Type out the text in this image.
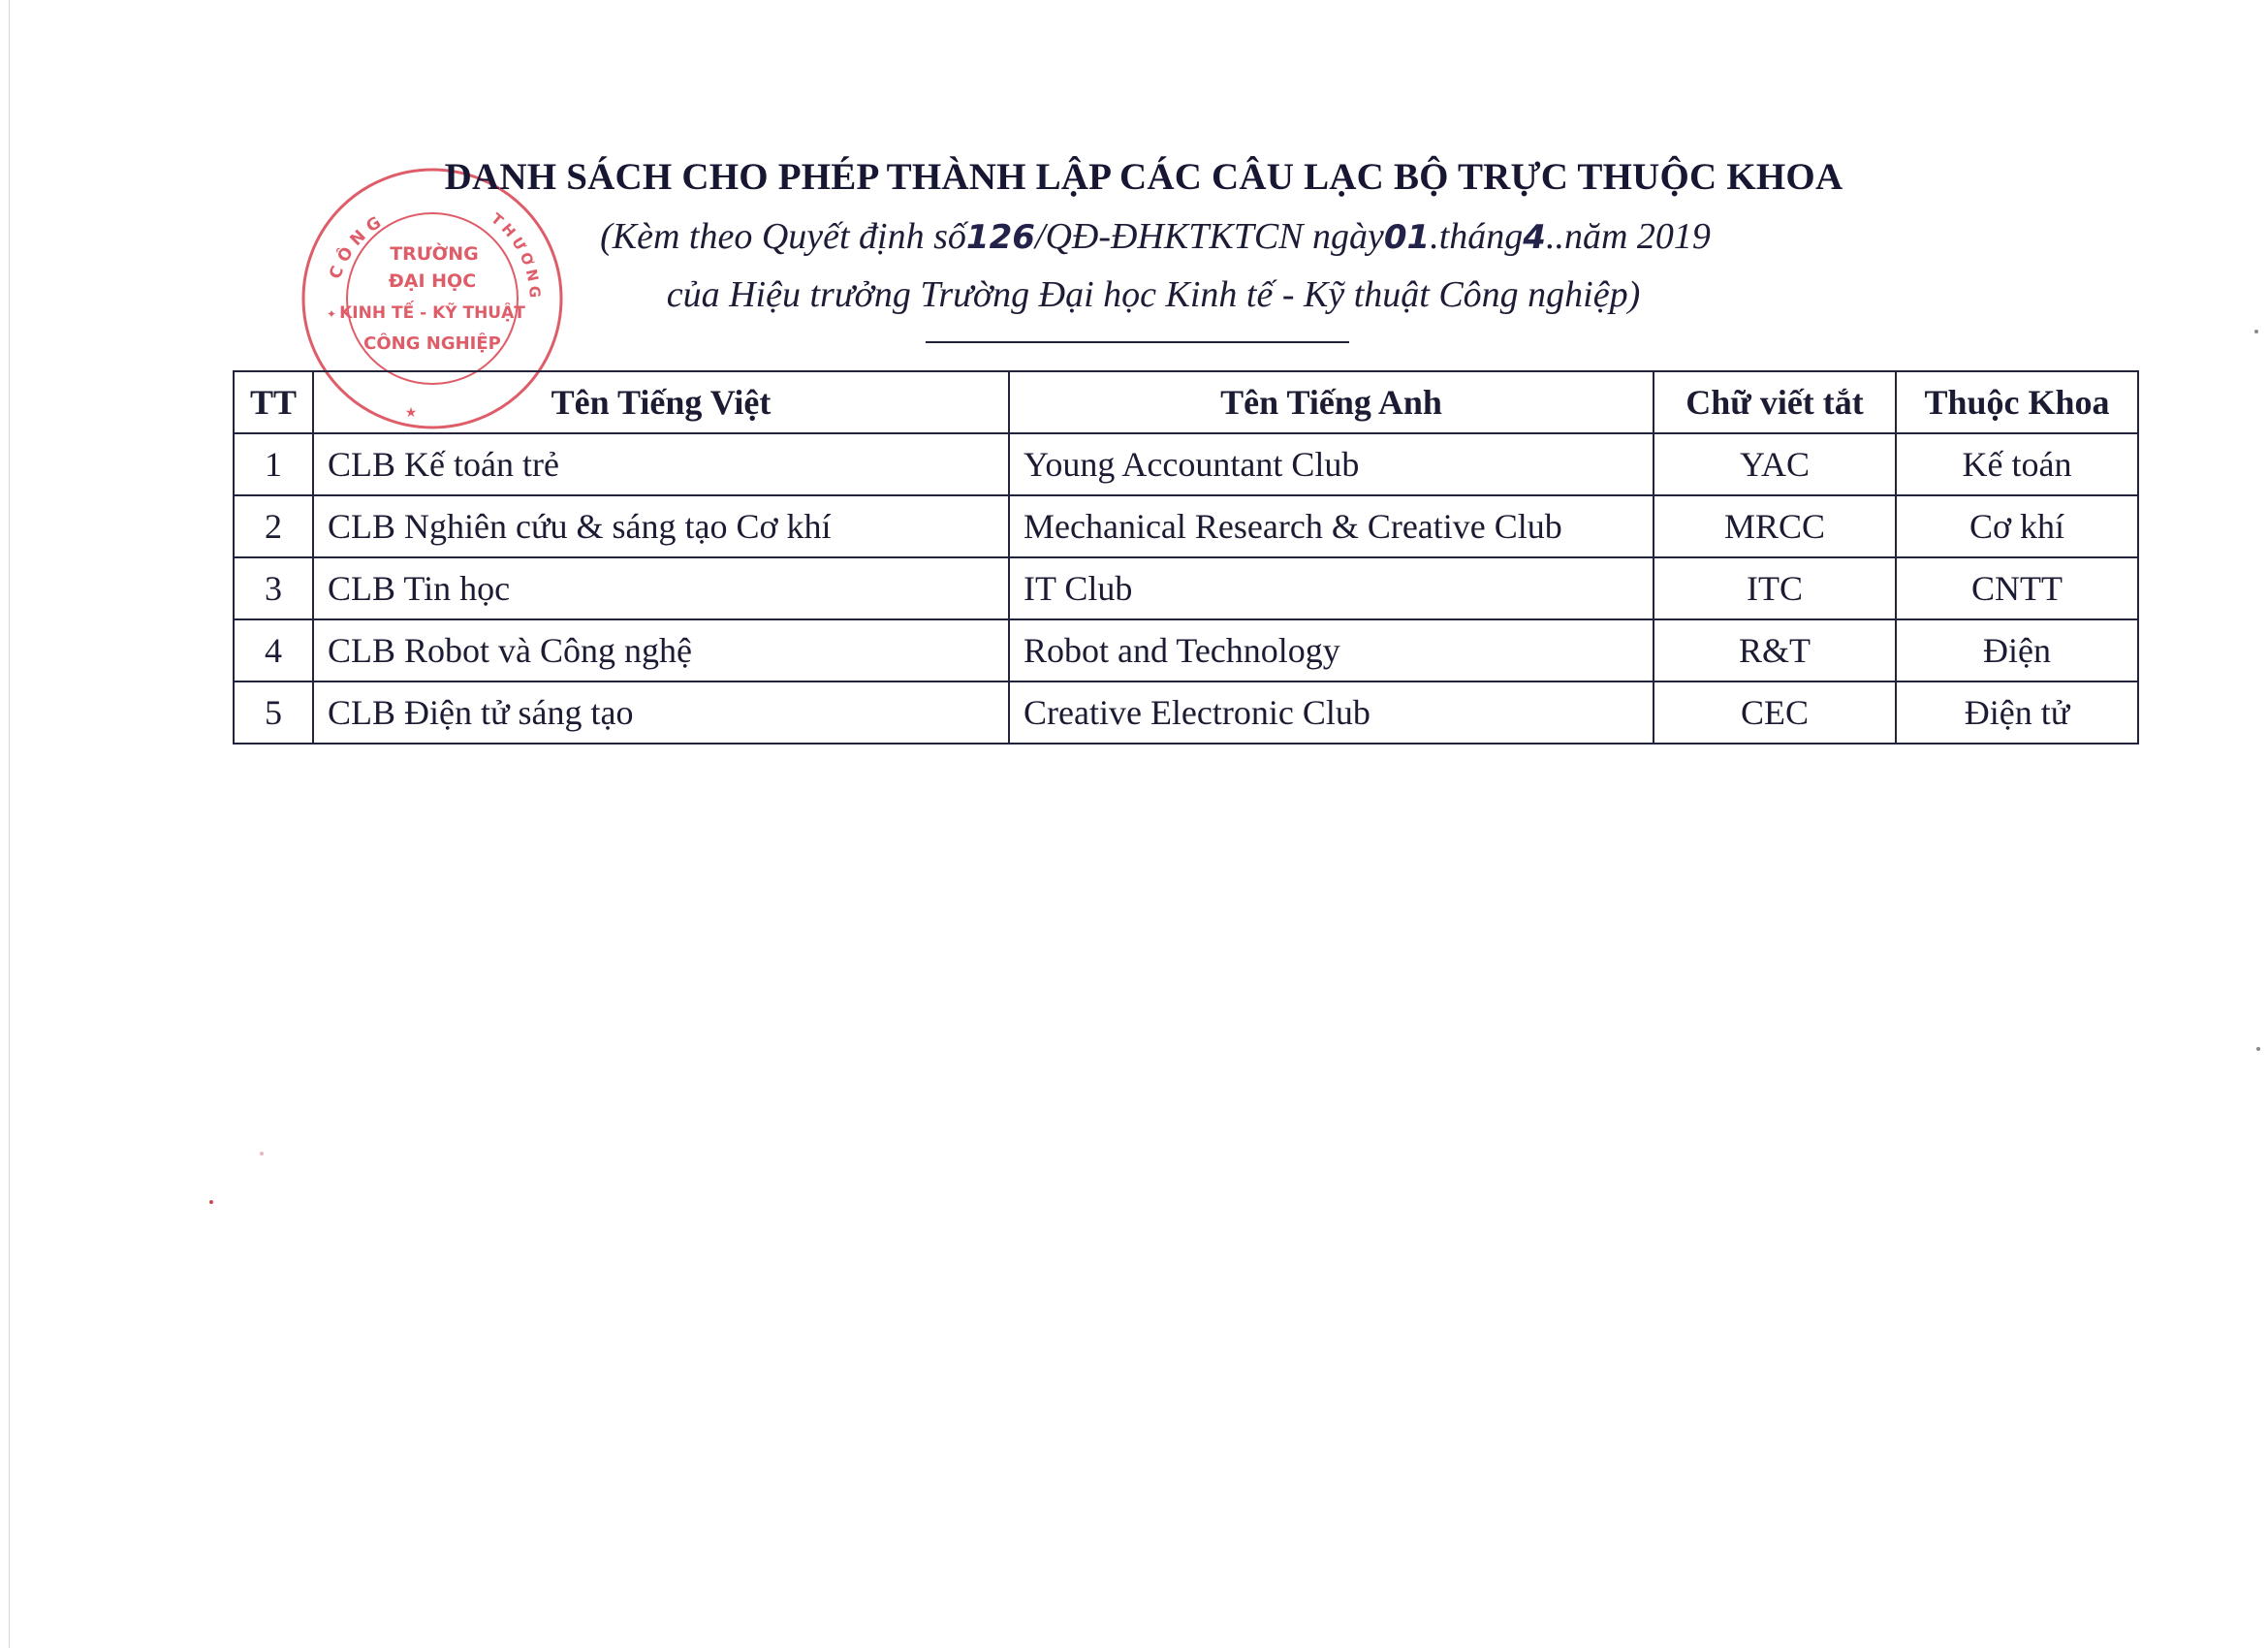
CÔNG	THƯƠNG
TRƯỜNG
ĐẠI HỌC
KINH TẾ - KỸ THUẬT
CÔNG NGHIỆP
★
✦
DANH SÁCH CHO PHÉP THÀNH LẬP CÁC CÂU LẠC BỘ TRỰC THUỘC KHOA
(Kèm theo Quyết định số126/QĐ-ĐHKTKTCN ngày01.tháng4..năm 2019
của Hiệu trưởng Trường Đại học Kinh tế - Kỹ thuật Công nghiệp)
TT	Tên Tiếng Việt	Tên Tiếng Anh	Chữ viết tắt	Thuộc Khoa
1	CLB Kế toán trẻ	Young Accountant Club	YAC	Kế toán
2	CLB Nghiên cứu & sáng tạo Cơ khí	Mechanical Research & Creative Club	MRCC	Cơ khí
3	CLB Tin học	IT Club	ITC	CNTT
4	CLB Robot và Công nghệ	Robot and Technology	R&T	Điện
5	CLB Điện tử sáng tạo	Creative Electronic Club	CEC	Điện tử
